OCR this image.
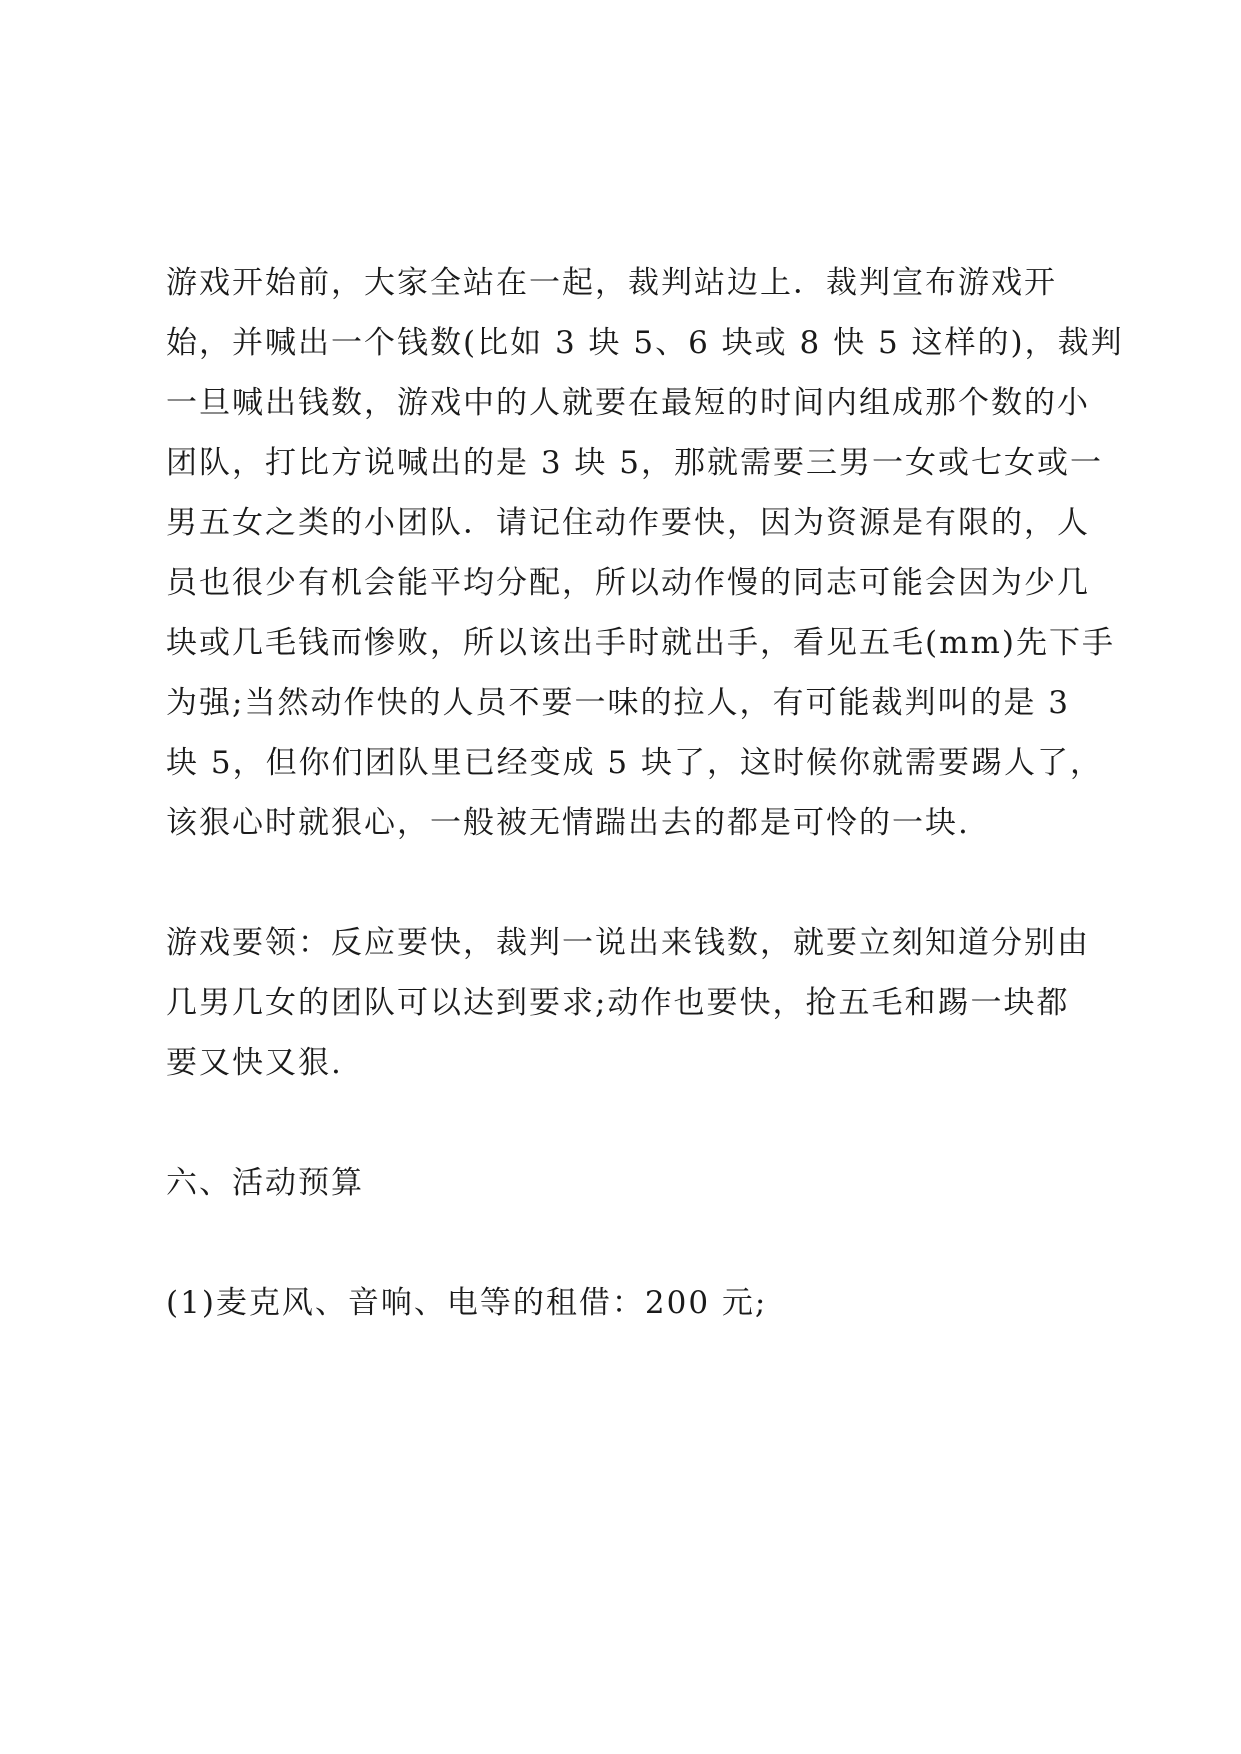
游戏开始前，大家全站在一起，裁判站边上．裁判宣布游戏开
始，并喊出一个钱数(比如 3 块 5、6 块或 8 快 5 这样的)，裁判
一旦喊出钱数，游戏中的人就要在最短的时间内组成那个数的小
团队，打比方说喊出的是 3 块 5，那就需要三男一女或七女或一
男五女之类的小团队．请记住动作要快，因为资源是有限的，人
员也很少有机会能平均分配，所以动作慢的同志可能会因为少几
块或几毛钱而惨败，所以该出手时就出手，看见五毛(mm)先下手
为强;当然动作快的人员不要一味的拉人，有可能裁判叫的是 3
块 5，但你们团队里已经变成 5 块了，这时候你就需要踢人了，
该狠心时就狠心，一般被无情踹出去的都是可怜的一块.
游戏要领：反应要快，裁判一说出来钱数，就要立刻知道分别由
几男几女的团队可以达到要求;动作也要快，抢五毛和踢一块都
要又快又狠.
六、活动预算
(1)麦克风、音响、电等的租借：200 元;
